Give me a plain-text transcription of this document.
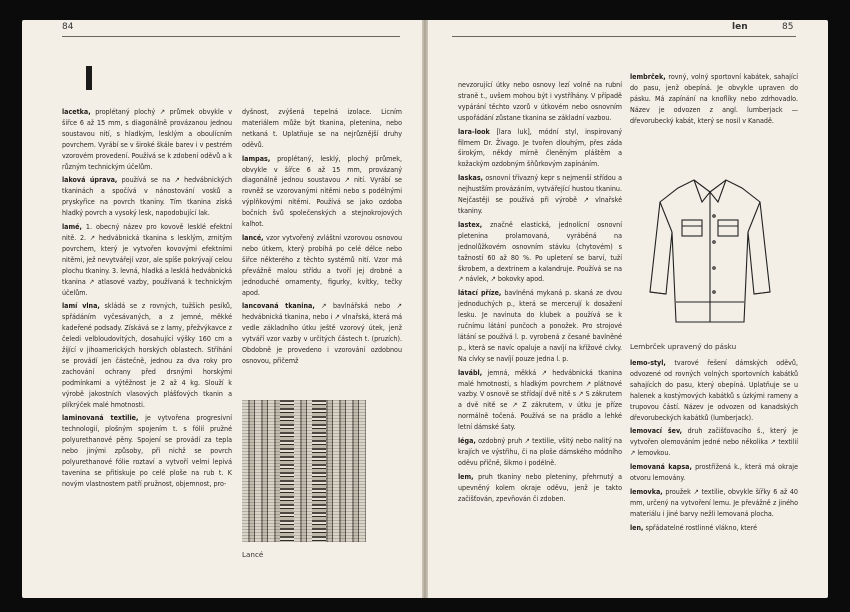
84

lacetka, proplétaný plochý ↗ průmek obvykle v šířce 6 až 15 mm, s diagonálně provázanou jednou soustavou nití, s hladkým, lesklým a oboulícním povrchem. Vyrábí se v široké škále barev i v pestrém vzorovém provedení. Používá se k zdobení oděvů a k různým technickým účelům.

laková úprava, používá se na ↗ hedvábnických tkaninách a spočívá v nánostování vosků a pryskyřice na povrch tkaniny. Tím tkanina získá hladký povrch a vysoký lesk, napodobující lak.

lamé, 1. obecný název pro kovově lesklé efektní nitě. 2. ↗ hedvábnická tkanina s lesklým, zrnitým povrchem, který je vytvořen kovovými efektními nitěmi, jež nevytvářejí vzor, ale spíše pokrývají celou plochu tkaniny. 3. levná, hladká a lesklá hedvábnická tkanina ↗ atlasové vazby, používaná k technickým účelům.

lamí vlna, skládá se z rovných, tužších pesíků, spřádáním vyčesávaných, a z jemné, měkké kadeřené podsady. Získává se z lamy, přežvýkavce z čeledi velbloudovitých, dosahující výšky 160 cm a žijící v jihoamerických horských oblastech. Stříhání se provádí jen částečně, jednou za dva roky pro zachování ochrany před drsnými horskými podmínkami a výtěžnost je 2 až 4 kg. Slouží k výrobě jakostních vlasových plášťových tkanin a plíkrýček malé hmotnosti.

laminovaná textilie, je vytvořena progresivní technologií, plošným spojením t. s fólií pružné polyurethanové pěny. Spojení se provádí za tepla nebo jinými způsoby, při nichž se povrch polyurethanové fólie roztaví a vytvoří velmi lepivá tavenina se přitiskuje po celé ploše na rub t. K novým vlastnostem patří pružnost, objemnost, pro-

dyšnost, zvýšená tepelná izolace. Licním materiálem může být tkanina, pletenina, nebo netkaná t. Uplatňuje se na nejrůznější druhy oděvů.

lampas, proplétaný, lesklý, plochý průmek, obvykle v šířce 6 až 15 mm, provázaný diagonálně jednou soustavou ↗ nití. Vyrábí se rovněž se vzorovanými nitěmi nebo s podélnými výplňkovými nitěmi. Používá se jako ozdoba bočních švů společenských a stejnokrojových kalhot.

lancé, vzor vytvořený zvláštní vzorovou osnovou nebo útkem, který probíhá po celé délce nebo šířce některého z těchto systémů nití. Vzor má převážně malou střídu a tvoří jej drobné a jednoduché ornamenty, figurky, kvítky, tečky apod.

lancovaná tkanina, ↗ bavlnářská nebo ↗ hedvábnická tkanina, nebo i ↗ vlnařská, která má vedle základního útku ještě vzorový útek, jenž vytváří vzor vazby v určitých částech t. (pruzích). Obdobně je provedeno i vzorování ozdobnou osnovou, přičemž

Lancé
len	85

nevzorující útky nebo osnovy lezí volně na rubní straně t., uvšem mohou být i vystříhány. V případě vypárání těchto vzorů v útkovém nebo osnovním uspořádání zůstane tkanina se základní vazbou.

lara-look [lara luk], módní styl, inspirovaný filmem Dr. Živago. Je tvořen dlouhým, přes záda širokým, někdy mírně členěným pláštěm a kožackým ozdobným šňůrkovým zapínáním.

laskas, osnovní třívazný kepr s nejmenší střídou a nejhustším provázáním, vytvářející hustou tkaninu. Nejčastěji se používá při výrobě ↗ vlnařské tkaniny.

lastex, značně elastická, jednolícní osnovní pletenina prolamovaná, vyráběná na jednolůžkovém osnovním stávku (chytovém) s tažností 60 až 80 %. Po upletení se barví, tuží škrobem, a dextrinem a kalandruje. Používá se na ↗ návlek, ↗ bokovky apod.

látací příze, bavlněná mykaná p. skaná ze dvou jednoduchých p., která se mercerují k dosažení lesku. Je navinuta do klubek a používá se k ručnímu látání punčoch a ponožek. Pro strojové látání se používá l. p. vyrobená z česané bavlněné p., která se navíc opaluje a navíjí na křížové cívky. Na cívky se navíjí pouze jedna l. p.

lavábl, jemná, měkká ↗ hedvábnická tkanina malé hmotnosti, s hladkým povrchem ↗ plátnové vazby. V osnově se střídají dvě nitě s ↗ S zákrutem a dvě nitě se ↗ Z zákrutem, v útku je příze normálně točená. Používá se na prádlo a lehké letní dámské šaty.

léga, ozdobný pruh ↗ textilie, všitý nebo nalitý na krajích ve výstřihu, či na ploše dámského módního oděvu příčně, šikmo i podélně.

lem, pruh tkaniny nebo pleteniny, přehrnutý a upevněný kolem okraje oděvu, jenž je takto začišťován, zpevňován či zdoben.

lembrček, rovný, volný sportovní kabátek, sahající do pasu, jenž obepíná. Je obvykle upraven do pásku. Má zapínání na knoflíky nebo zdrhovadlo. Název je odvozen z angl. lumberjack — dřevorubecký kabát, který se nosil v Kanadě.

Lembrček upravený do pásku

lemo-styl, tvarové řešení dámských oděvů, odvozené od rovných volných sportovních kabátků sahajících do pasu, který obepíná. Uplatňuje se u halenek a kostýmových kabátků s úzkými rameny a trupovou částí. Název je odvozen od kanadských dřevorubeckých kabátků (lumberjack).

lemovací šev, druh začišťovacího š., který je vytvořen olemováním jedné nebo několika ↗ textilií ↗ lemovkou.

lemovaná kapsa, prostřižená k., která má okraje otvoru lemovány.

lemovka, proužek ↗ textilie, obvykle šířky 6 až 40 mm, určený na vytvoření lemu. Je převážně z jiného materiálu i jiné barvy nežli lemovaná plocha.

len, spřádatelné rostlinné vlákno, které
